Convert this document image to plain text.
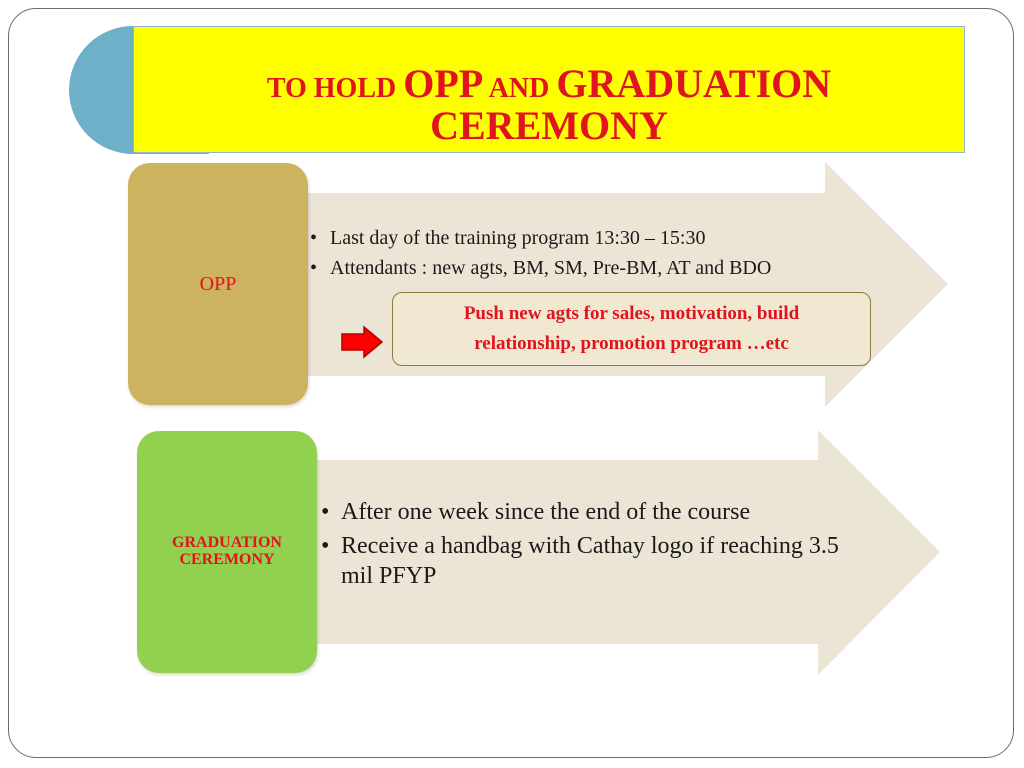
TO HOLD OPP AND GRADUATION
CEREMONY
OPP
• Last day of the training program 13:30 – 15:30
• Attendants : new agts, BM, SM, Pre-BM, AT and BDO
Push new agts for sales, motivation, build
relationship, promotion program …etc
GRADUATION
CEREMONY
• After one week since the end of the course
• Receive a handbag with Cathay logo if reaching 3.5 mil PFYP
